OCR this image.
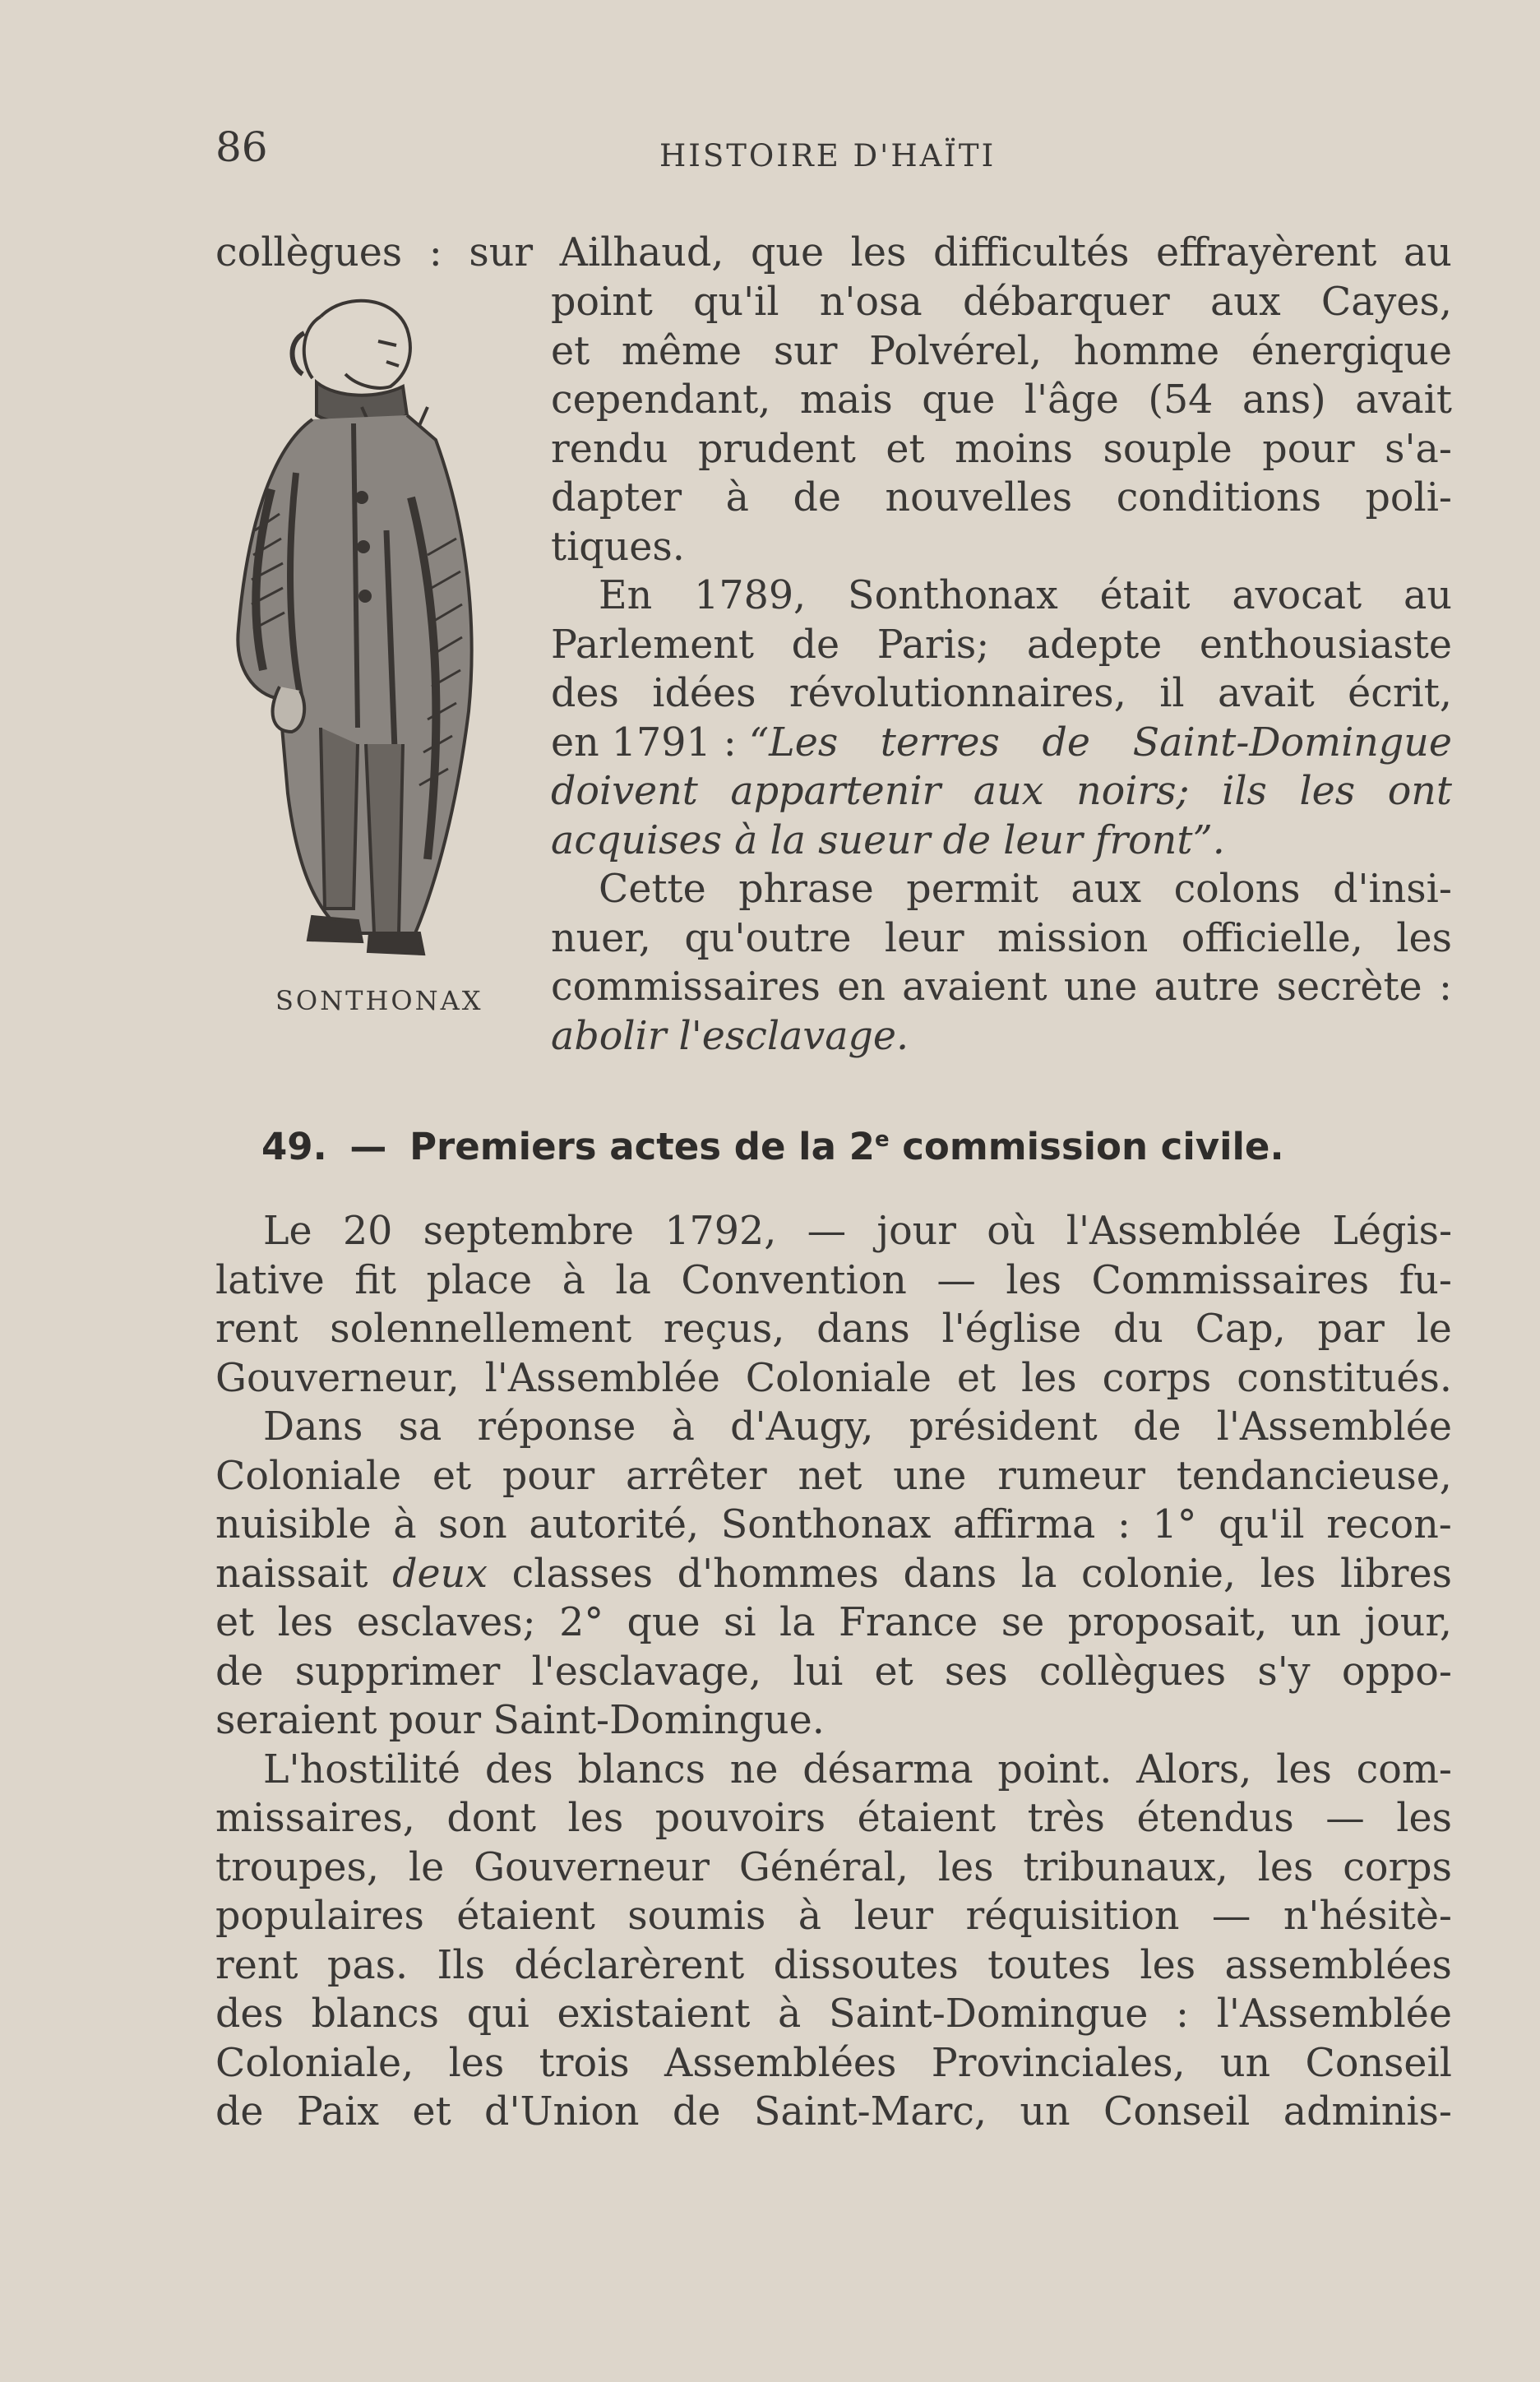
86	HISTOIRE D'HAÏTI
collègues : sur Ailhaud, que les difficultés effrayèrent au
SONTHONAX
point qu'il n'osa débarquer aux Cayes,
et même sur Polvérel, homme énergique
cependant, mais que l'âge (54 ans) avait
rendu prudent et moins souple pour s'a-
dapter à de nouvelles conditions poli-
tiques.
En 1789, Sonthonax était avocat au
Parlement de Paris; adepte enthousiaste
des idées révolutionnaires, il avait écrit,
en 1791 : “Les terres de Saint-Domingue
doivent appartenir aux noirs; ils les ont
acquises à la sueur de leur front”.
Cette phrase permit aux colons d'insi-
nuer, qu'outre leur mission officielle, les
commissaires en avaient une autre secrète :
abolir l'esclavage.
49. — Premiers actes de la 2e commission civile.
Le 20 septembre 1792, — jour où l'Assemblée Légis-
lative fit place à la Convention — les Commissaires fu-
rent solennellement reçus, dans l'église du Cap, par le
Gouverneur, l'Assemblée Coloniale et les corps constitués.
Dans sa réponse à d'Augy, président de l'Assemblée
Coloniale et pour arrêter net une rumeur tendancieuse,
nuisible à son autorité, Sonthonax affirma : 1° qu'il recon-
naissait deux classes d'hommes dans la colonie, les libres
et les esclaves; 2° que si la France se proposait, un jour,
de supprimer l'esclavage, lui et ses collègues s'y oppo-
seraient pour Saint-Domingue.
L'hostilité des blancs ne désarma point. Alors, les com-
missaires, dont les pouvoirs étaient très étendus — les
troupes, le Gouverneur Général, les tribunaux, les corps
populaires étaient soumis à leur réquisition — n'hésitè-
rent pas. Ils déclarèrent dissoutes toutes les assemblées
des blancs qui existaient à Saint-Domingue : l'Assemblée
Coloniale, les trois Assemblées Provinciales, un Conseil
de Paix et d'Union de Saint-Marc, un Conseil adminis-
